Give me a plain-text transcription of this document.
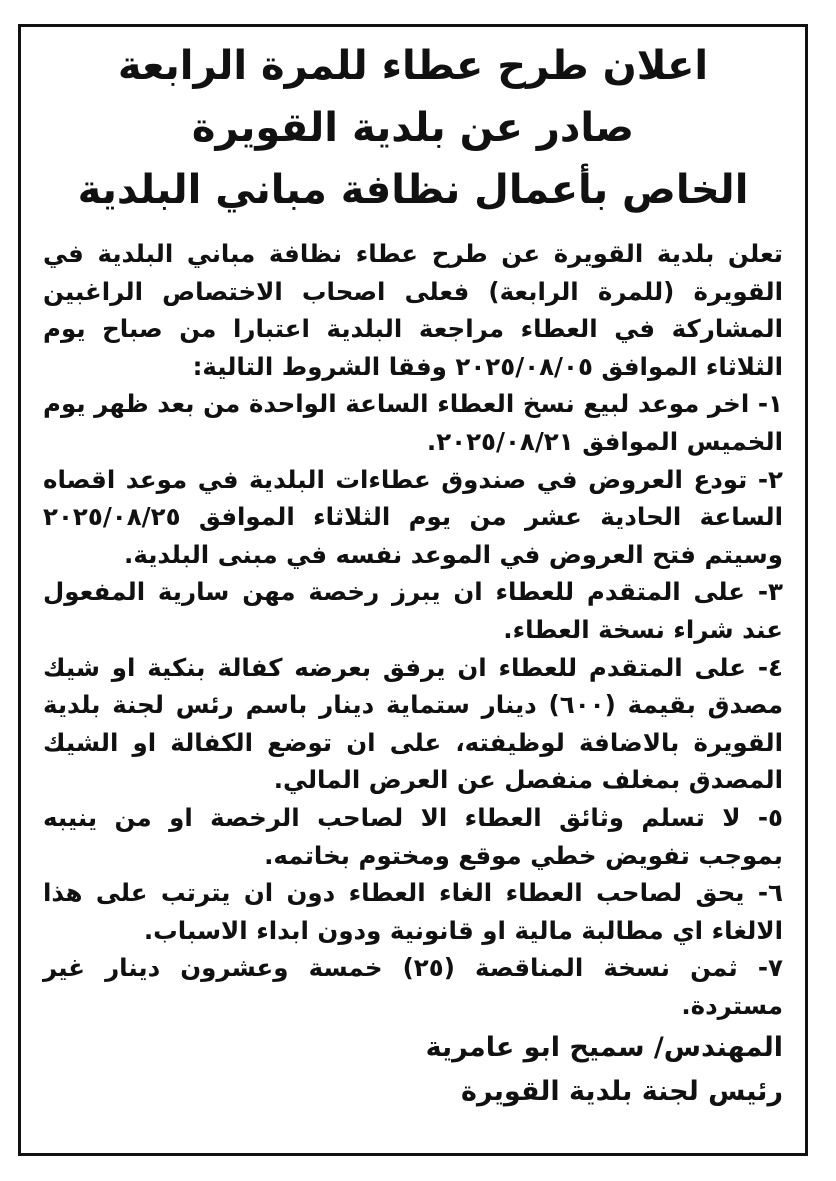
اعلان طرح عطاء للمرة الرابعة
صادر عن بلدية القويرة
الخاص بأعمال نظافة مباني البلدية

تعلن بلدية القويرة عن طرح عطاء نظافة مباني البلدية في القويرة (للمرة الرابعة) فعلى اصحاب الاختصاص الراغبين المشاركة في العطاء مراجعة البلدية اعتبارا من صباح يوم الثلاثاء الموافق ٢٠٢٥/٠٨/٠٥ وفقا الشروط التالية:

١- اخر موعد لبيع نسخ العطاء الساعة الواحدة من بعد ظهر يوم الخميس الموافق ٢٠٢٥/٠٨/٢١.

٢- تودع العروض في صندوق عطاءات البلدية في موعد اقصاه الساعة الحادية عشر من يوم الثلاثاء الموافق ٢٠٢٥/٠٨/٢٥ وسيتم فتح العروض في الموعد نفسه في مبنى البلدية.

٣- على المتقدم للعطاء ان يبرز رخصة مهن سارية المفعول عند شراء نسخة العطاء.

٤- على المتقدم للعطاء ان يرفق بعرضه كفالة بنكية او شيك مصدق بقيمة (٦٠٠) دينار ستماية دينار باسم رئس لجنة بلدية القويرة بالاضافة لوظيفته، على ان توضع الكفالة او الشيك المصدق بمغلف منفصل عن العرض المالي.

٥- لا تسلم وثائق العطاء الا لصاحب الرخصة او من ينيبه بموجب تفويض خطي موقع ومختوم بخاتمه.

٦- يحق لصاحب العطاء الغاء العطاء دون ان يترتب على هذا الالغاء اي مطالبة مالية او قانونية ودون ابداء الاسباب.

٧- ثمن نسخة المناقصة (٢٥) خمسة وعشرون دينار غير مستردة.

المهندس/ سميح ابو عامرية
رئيس لجنة بلدية القويرة
